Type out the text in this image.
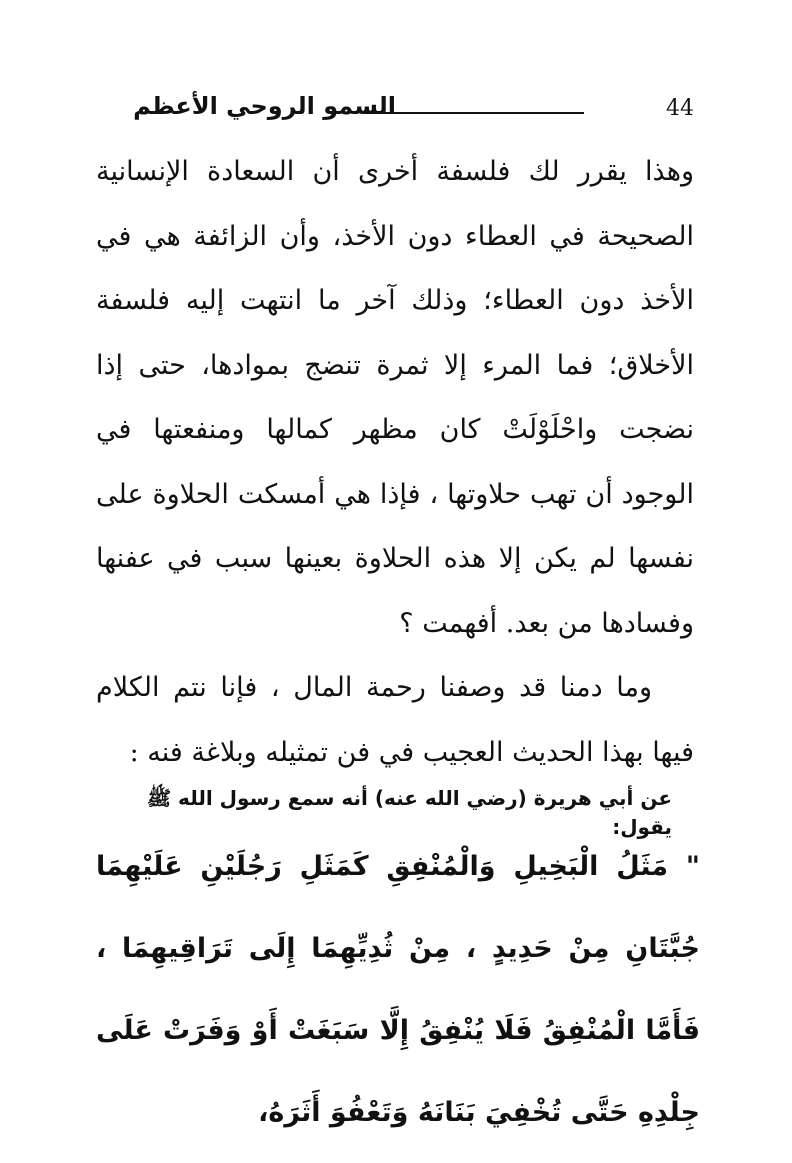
44
السمو الروحي الأعظم

وهذا يقرر لك فلسفة أخرى أن السعادة الإنسانية الصحيحة في العطاء دون الأخذ، وأن الزائفة هي في الأخذ دون العطاء؛ وذلك آخر ما انتهت إليه فلسفة الأخلاق؛ فما المرء إلا ثمرة تنضج بموادها، حتى إذا نضجت واحْلَوْلَتْ كان مظهر كمالها ومنفعتها في الوجود أن تهب حلاوتها ، فإذا هي أمسكت الحلاوة على نفسها لم يكن إلا هذه الحلاوة بعينها سبب في عفنها وفسادها من بعد. أفهمت ؟

وما دمنا قد وصفنا رحمة المال ، فإنا نتم الكلام فيها بهذا الحديث العجيب في فن تمثيله وبلاغة فنه :

عن أبي هريرة (رضي الله عنه) أنه سمع رسول الله ﷺ يقول:
" مَثَلُ الْبَخِيلِ وَالْمُنْفِقِ كَمَثَلِ رَجُلَيْنِ عَلَيْهِمَا جُبَّتَانِ مِنْ حَدِيدٍ ، مِنْ ثُدِيِّهِمَا إِلَى تَرَاقِيهِمَا ، فَأَمَّا الْمُنْفِقُ فَلَا يُنْفِقُ إِلَّا سَبَغَتْ أَوْ وَفَرَتْ عَلَى جِلْدِهِ حَتَّى تُخْفِيَ بَنَانَهُ وَتَعْفُوَ أَثَرَهُ،
